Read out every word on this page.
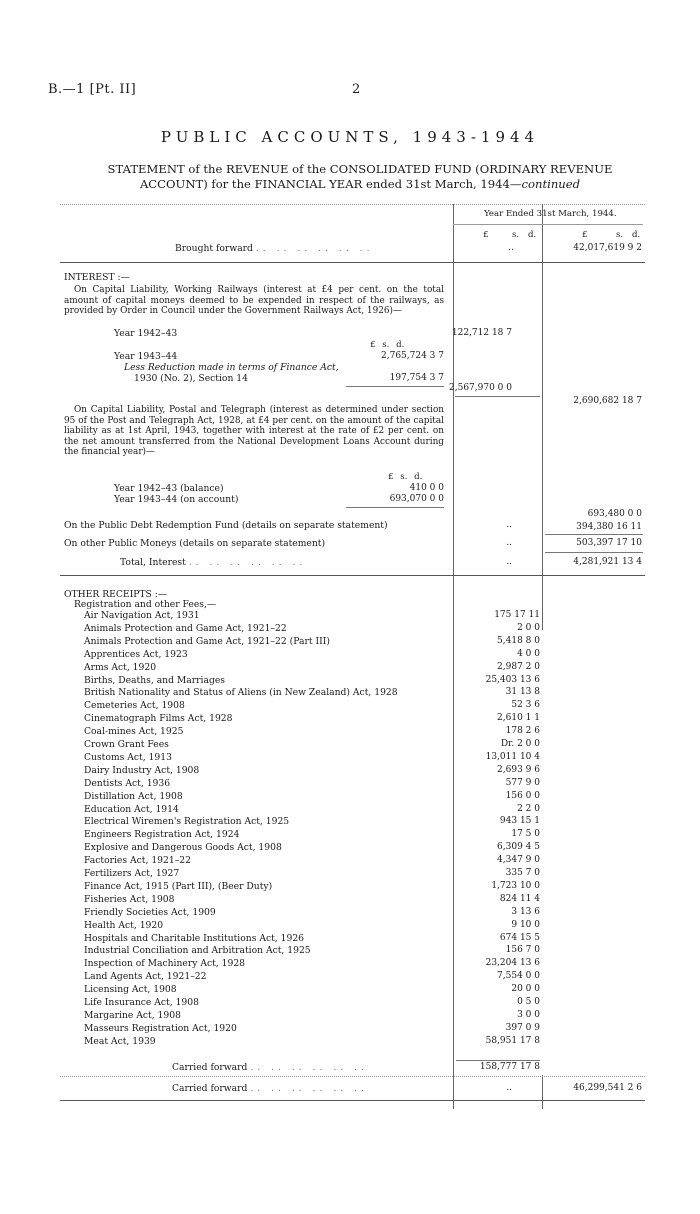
B.—1 [Pt. II]	2
PUBLIC ACCOUNTS, 1943-1944
STATEMENT of the REVENUE of the CONSOLIDATED FUND (ORDINARY REVENUE
ACCOUNT) for the FINANCIAL YEAR ended 31st March, 1944—continued
Year Ended 31st March, 1944.
£	s. d.	£	s. d.
Brought forward .. .. .. .. .. ..	..	42,017,619 9 2
INTEREST :—
On Capital Liability, Working Railways (interest at £4 per cent. on the total amount of capital moneys deemed to be expended in respect of the railways, as provided by Order in Council under the Government Railways Act, 1926)—
Year 1942–43	122,712 18 7
£ s. d.
Year 1943–44	2,765,724 3 7
Less Reduction made in terms of Finance Act,
1930 (No. 2), Section 14	197,754 3 7
2,567,970 0 0
2,690,682 18 7
On Capital Liability, Postal and Telegraph (interest as determined under section 95 of the Post and Telegraph Act, 1928, at £4 per cent. on the amount of the capital liability as at 1st April, 1943, together with interest at the rate of £2 per cent. on the net amount transferred from the National Development Loans Account during the financial year)—
£ s. d.
Year 1942–43 (balance)	410 0 0
Year 1943–44 (on account)	693,070 0 0
693,480 0 0
On the Public Debt Redemption Fund (details on separate statement)	..	394,380 16 11
On other Public Moneys (details on separate statement)	..	503,397 17 10
Total, Interest .. .. .. .. .. ..	..	4,281,921 13 4
OTHER RECEIPTS :—
Registration and other Fees,—
Air Navigation Act, 1931	175 17 11
Animals Protection and Game Act, 1921–22	2 0 0
Animals Protection and Game Act, 1921–22 (Part III)	5,418 8 0
Apprentices Act, 1923	4 0 0
Arms Act, 1920	2,987 2 0
Births, Deaths, and Marriages	25,403 13 6
British Nationality and Status of Aliens (in New Zealand) Act, 1928	31 13 8
Cemeteries Act, 1908	52 3 6
Cinematograph Films Act, 1928	2,610 1 1
Coal-mines Act, 1925	178 2 6
Crown Grant Fees	Dr. 2 0 0
Customs Act, 1913	13,011 10 4
Dairy Industry Act, 1908	2,693 9 6
Dentists Act, 1936	577 9 0
Distillation Act, 1908	156 0 0
Education Act, 1914	2 2 0
Electrical Wiremen's Registration Act, 1925	943 15 1
Engineers Registration Act, 1924	17 5 0
Explosive and Dangerous Goods Act, 1908	6,309 4 5
Factories Act, 1921–22	4,347 9 0
Fertilizers Act, 1927	335 7 0
Finance Act, 1915 (Part III), (Beer Duty)	1,723 10 0
Fisheries Act, 1908	824 11 4
Friendly Societies Act, 1909	3 13 6
Health Act, 1920	9 10 0
Hospitals and Charitable Institutions Act, 1926	674 15 5
Industrial Conciliation and Arbitration Act, 1925	156 7 0
Inspection of Machinery Act, 1928	23,204 13 6
Land Agents Act, 1921–22	7,554 0 0
Licensing Act, 1908	20 0 0
Life Insurance Act, 1908	0 5 0
Margarine Act, 1908	3 0 0
Masseurs Registration Act, 1920	397 0 9
Meat Act, 1939	58,951 17 8
Carried forward .. .. .. .. .. ..	158,777 17 8
Carried forward .. .. .. .. .. ..	..	46,299,541 2 6
